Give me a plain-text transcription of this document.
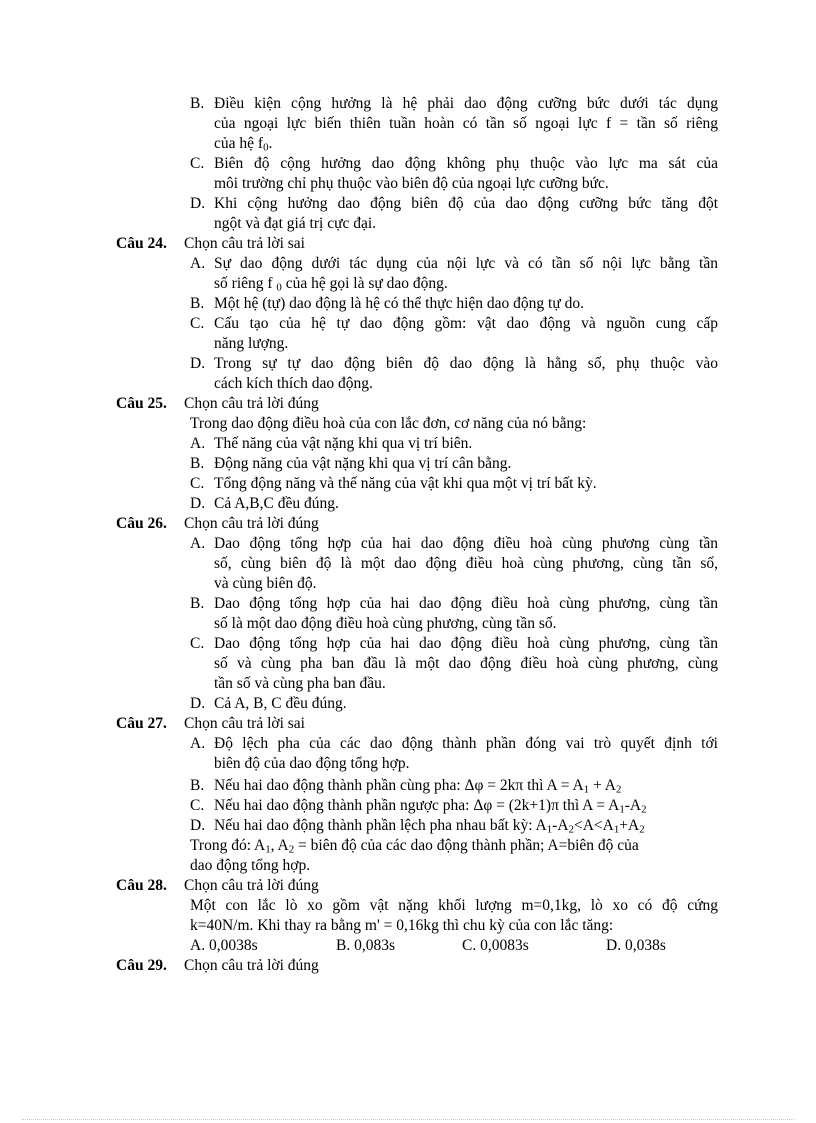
B. Điều kiện cộng hưởng là hệ phải dao động cưỡng bức dưới tác dụng
của ngoại lực biến thiên tuần hoàn có tần số ngoại lực f = tần số riêng
của hệ $f_0$.
C. Biên độ cộng hưởng dao động không phụ thuộc vào lực ma sát của
môi trường chỉ phụ thuộc vào biên độ của ngoại lực cưỡng bức.
D. Khi cộng hưởng dao động biên độ của dao động cưỡng bức tăng đột
ngột và đạt giá trị cực đại.
Câu 24. Chọn câu trả lời sai
A. Sự dao động dưới tác dụng của nội lực và có tần số nội lực bằng tần
số riêng f $_0$ của hệ gọi là sự dao động.
B. Một hệ (tự) dao động là hệ có thể thực hiện dao động tự do.
C. Cấu tạo của hệ tự dao động gồm: vật dao động và nguồn cung cấp
năng lượng.
D. Trong sự tự dao động biên độ dao động là hằng số, phụ thuộc vào
cách kích thích dao động.
Câu 25. Chọn câu trả lời đúng
Trong dao động điều hoà của con lắc đơn, cơ năng của nó bằng:
A. Thế năng của vật nặng khi qua vị trí biên.
B. Động năng của vật nặng khi qua vị trí cân bằng.
C. Tổng động năng và thế năng của vật khi qua một vị trí bất kỳ.
D. Cả A,B,C đều đúng.
Câu 26. Chọn câu trả lời đúng
A. Dao động tổng hợp của hai dao động điều hoà cùng phương cùng tần
số, cùng biên độ là một dao động điều hoà cùng phương, cùng tần số,
và cùng biên độ.
B. Dao động tổng hợp của hai dao động điều hoà cùng phương, cùng tần
số là một dao động điều hoà cùng phương, cùng tần số.
C. Dao động tổng hợp của hai dao động điều hoà cùng phương, cùng tần
số và cùng pha ban đầu là một dao động điều hoà cùng phương, cùng
tần số và cùng pha ban đầu.
D. Cả A, B, C đều đúng.
Câu 27. Chọn câu trả lời sai
A. Độ lệch pha của các dao động thành phần đóng vai trò quyết định tới
biên độ của dao động tổng hợp.
B. Nếu hai dao động thành phần cùng pha: Δφ = 2kπ thì $A = A_1 + A_2$
C. Nếu hai dao động thành phần ngược pha: Δφ = (2k+1)π thì $A = A_1-A_2$
D. Nếu hai dao động thành phần lệch pha nhau bất kỳ: $A_1-A_2<A<A_1+A_2$
Trong đó: $A_1$, $A_2$ = biên độ của các dao động thành phần; A=biên độ của
dao động tổng hợp.
Câu 28. Chọn câu trả lời đúng
Một con lắc lò xo gồm vật nặng khối lượng m=0,1kg, lò xo có độ cứng
k=40N/m. Khi thay ra bằng m' = 0,16kg thì chu kỳ của con lắc tăng:
A. 0,0038s	B. 0,083s	C. 0,0083s	D. 0,038s
Câu 29. Chọn câu trả lời đúng
